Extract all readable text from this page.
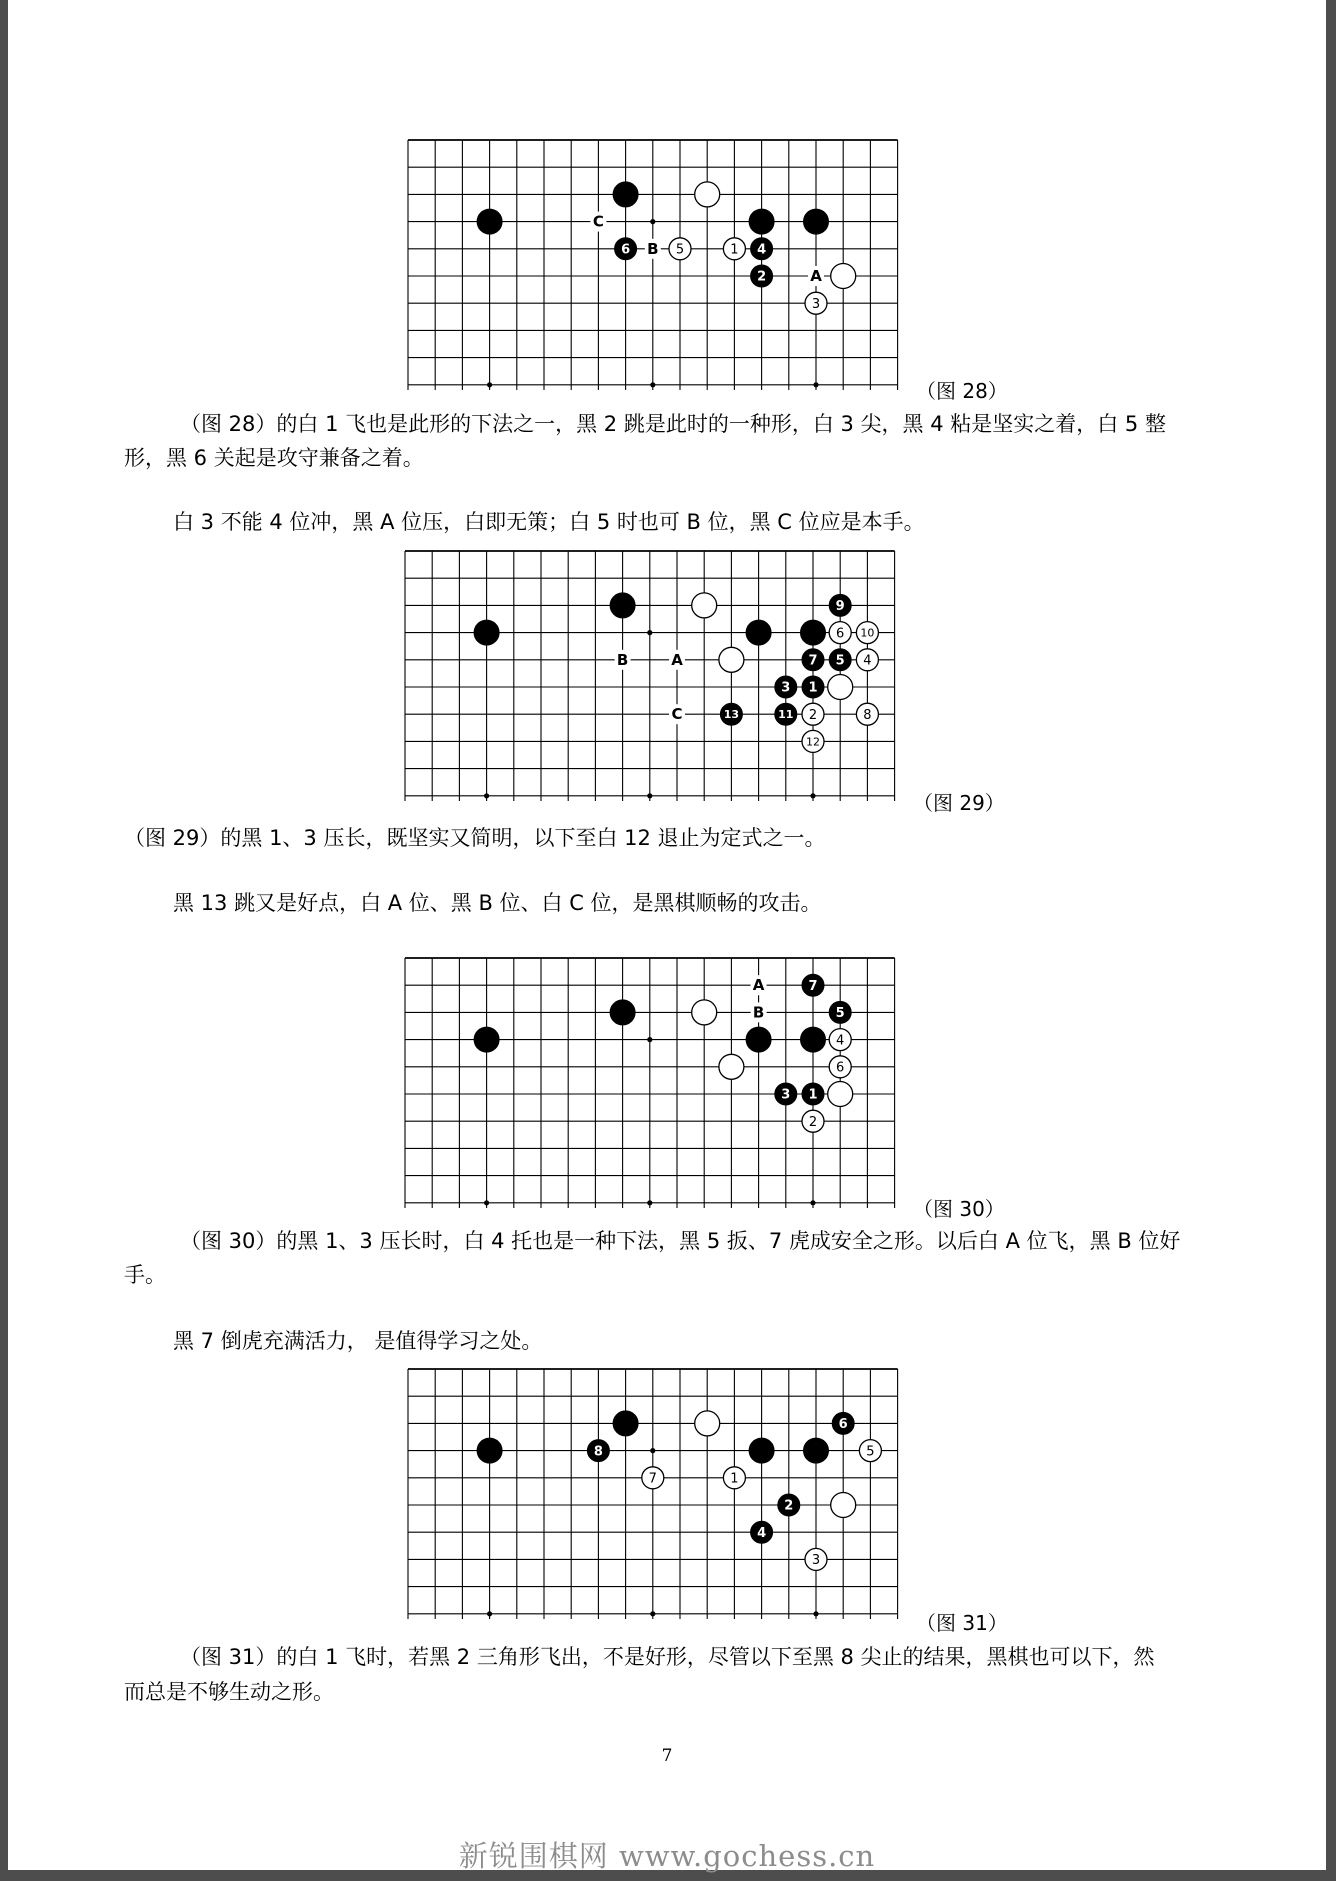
C
B
A
6	5	1 4
2
3
（图 28）
（图 28）的白 1 飞也是此形的下法之一，黑 2 跳是此时的一种形，白 3 尖，黑 4 粘是坚实之着，白 5 整
形，黑 6 关起是攻守兼备之着。
白 3 不能 4 位冲，黑 A 位压，白即无策；白 5 时也可 B 位，黑 C 位应是本手。
B	A
C
9
6 10
7 5 4
3 1
13	11 2	8
12
（图 29）
（图 29）的黑 1、3 压长，既坚实又简明，以下至白 12 退止为定式之一。
黑 13 跳又是好点，白 A 位、黑 B 位、白 C 位，是黑棋顺畅的攻击。
A
B
7
5
4
6
3 1
2
（图 30）
（图 30）的黑 1、3 压长时，白 4 托也是一种下法，黑 5 扳、7 虎成安全之形。以后白 A 位飞，黑 B 位好
手。
黑 7 倒虎充满活力， 是值得学习之处。
8
6
5
7	1
2
4
3
（图 31）
（图 31）的白 1 飞时，若黑 2 三角形飞出，不是好形，尽管以下至黑 8 尖止的结果，黑棋也可以下，然
而总是不够生动之形。
7
新锐围棋网 www.gochess.cn
